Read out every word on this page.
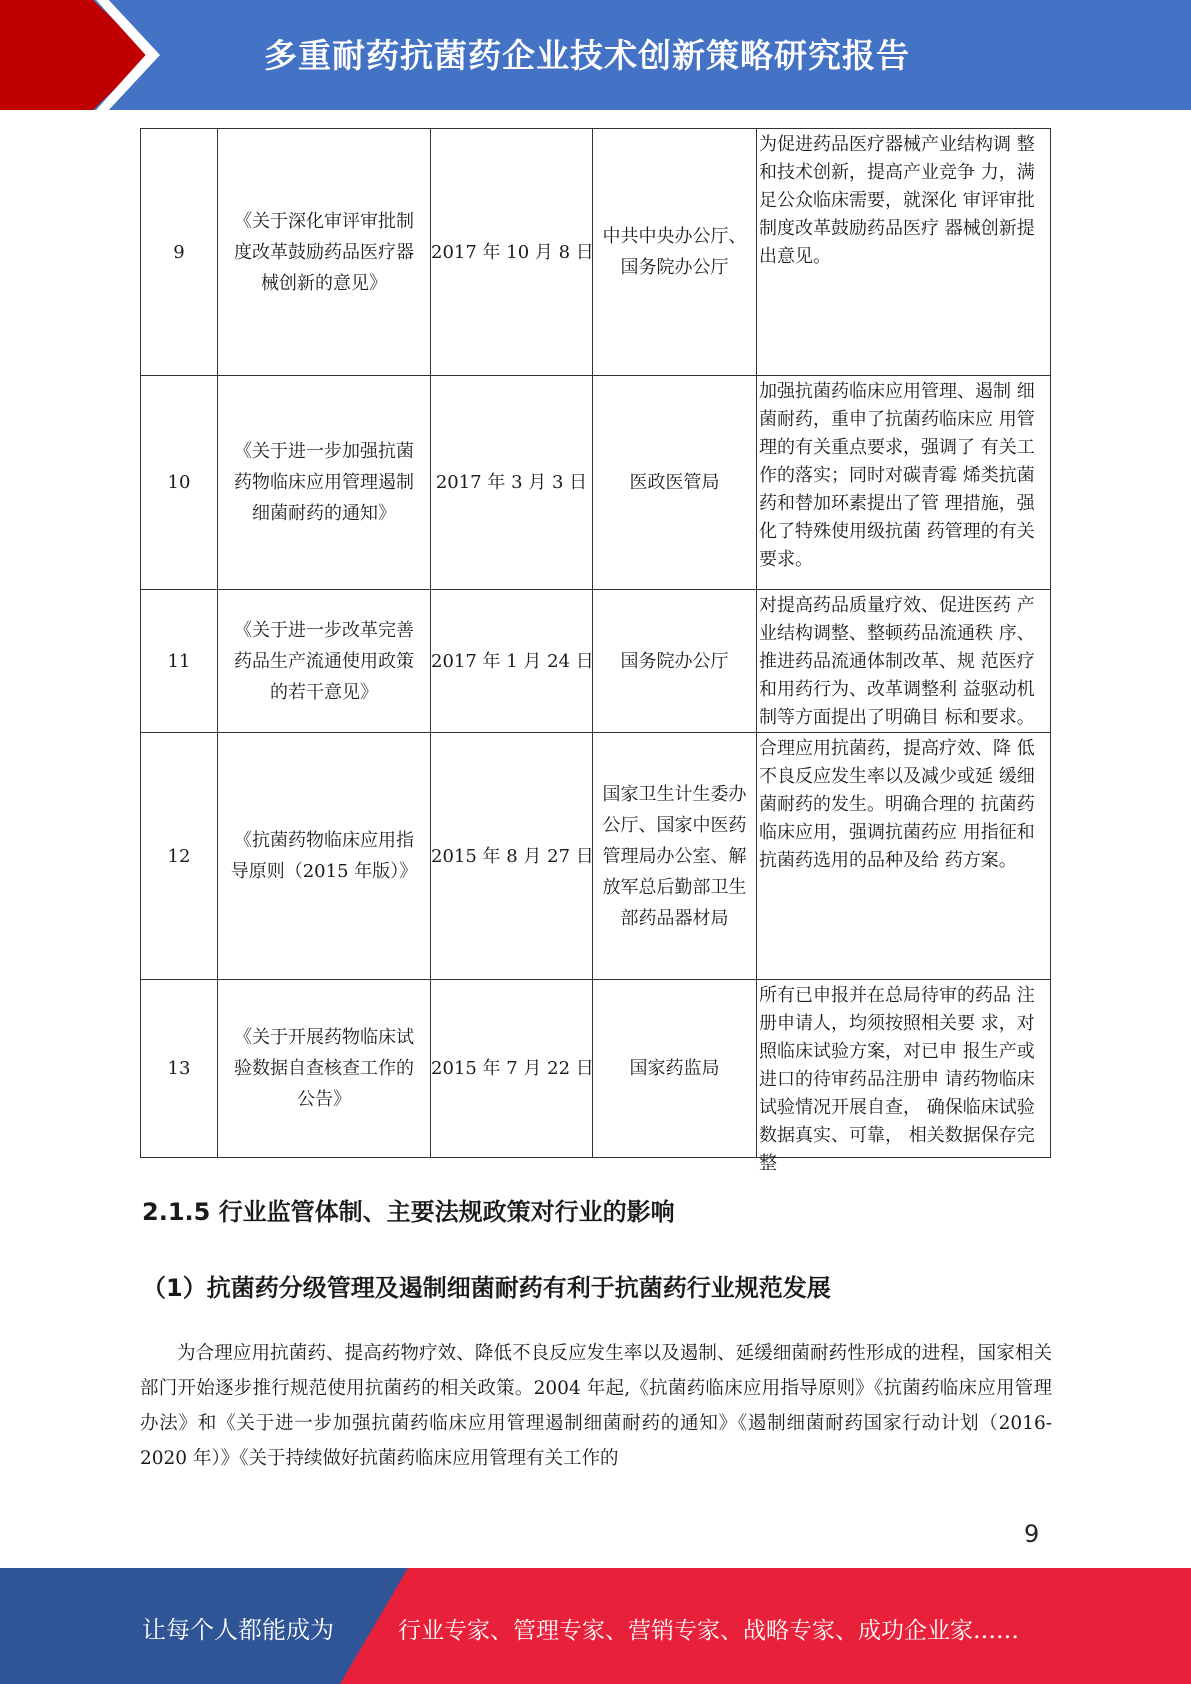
多重耐药抗菌药企业技术创新策略研究报告
9	《关于深化审评审批制度改革鼓励药品医疗器械创新的意见》	2017 年 10 月 8 日	中共中央办公厅、国务院办公厅	为促进药品医疗器械产业结构调 整和技术创新，提高产业竞争 力，满足公众临床需要，就深化 审评审批制度改革鼓励药品医疗 器械创新提出意见。

10	《关于进一步加强抗菌药物临床应用管理遏制细菌耐药的通知》	2017 年 3 月 3 日	医政医管局	加强抗菌药临床应用管理、遏制 细菌耐药，重申了抗菌药临床应 用管理的有关重点要求，强调了 有关工作的落实；同时对碳青霉 烯类抗菌药和替加环素提出了管 理措施，强化了特殊使用级抗菌 药管理的有关要求。

11	《关于进一步改革完善药品生产流通使用政策的若干意见》	2017 年 1 月 24 日	国务院办公厅	对提高药品质量疗效、促进医药 产业结构调整、整顿药品流通秩 序、推进药品流通体制改革、规 范医疗和用药行为、改革调整利 益驱动机制等方面提出了明确目 标和要求。

12	《抗菌药物临床应用指导原则（2015 年版）》	2015 年 8 月 27 日	国家卫生计生委办公厅、国家中医药管理局办公室、解放军总后勤部卫生部药品器材局	合理应用抗菌药，提高疗效、降 低不良反应发生率以及减少或延 缓细菌耐药的发生。明确合理的 抗菌药临床应用，强调抗菌药应 用指征和抗菌药选用的品种及给 药方案。

13	《关于开展药物临床试验数据自查核查工作的公告》	2015 年 7 月 22 日	国家药监局	所有已申报并在总局待审的药品 注册申请人，均须按照相关要 求，对照临床试验方案，对已申 报生产或进口的待审药品注册申 请药物临床试验情况开展自查， 确保临床试验数据真实、可靠， 相关数据保存完整
2.1.5 行业监管体制、主要法规政策对行业的影响
（1）抗菌药分级管理及遏制细菌耐药有利于抗菌药行业规范发展

为合理应用抗菌药、提高药物疗效、降低不良反应发生率以及遏制、延缓细菌耐药性形成的进程，国家相关部门开始逐步推行规范使用抗菌药的相关政策。2004 年起,《抗菌药临床应用指导原则》《抗菌药临床应用管理办法》和《关于进一步加强抗菌药临床应用管理遏制细菌耐药的通知》《遏制细菌耐药国家行动计划（2016-2020 年）》《关于持续做好抗菌药临床应用管理有关工作的

9
让每个人都能成为	行业专家、管理专家、营销专家、战略专家、成功企业家……
